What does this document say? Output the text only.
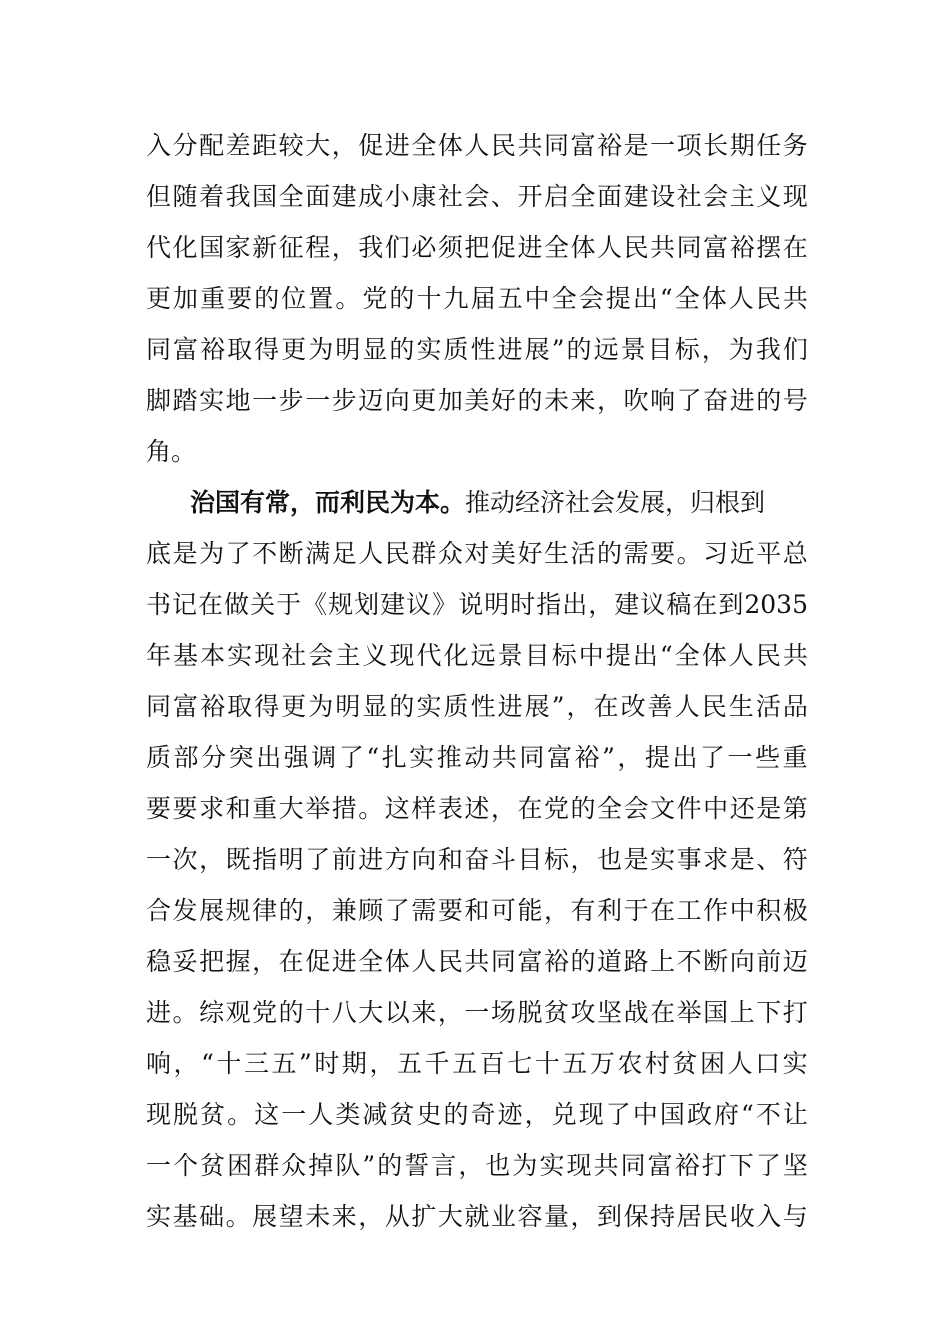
入 分 配 差 距 较 大 ， 促 进 全 体 人 民 共 同 富 裕 是 一 项 长 期 任 务
但 随 着 我 国 全 面 建 成 小 康 社 会 、 开 启 全 面 建 设 社 会 主 义 现
代 化 国 家 新 征 程 ， 我 们 必 须 把 促 进 全 体 人 民 共 同 富 裕 摆 在
更 加 重 要 的 位 置 。 党 的 十 九 届 五 中 全 会 提 出 “ 全 体 人 民 共
同 富 裕 取 得 更 为 明 显 的 实 质 性 进 展 ” 的 远 景 目 标 ， 为 我 们
脚 踏 实 地 一 步 一 步 迈 向 更 加 美 好 的 未 来 ， 吹 响 了 奋 进 的 号
角。
治国有常，而利民为本。推动经济社会发展，归根到
底 是 为 了 不 断 满 足 人 民 群 众 对 美 好 生 活 的 需 要 。 习 近 平 总
书 记 在 做 关 于 《 规 划 建 议 》 说 明 时 指 出 ， 建 议 稿 在 到 2035
年 基 本 实 现 社 会 主 义 现 代 化 远 景 目 标 中 提 出 “ 全 体 人 民 共
同 富 裕 取 得 更 为 明 显 的 实 质 性 进 展 ” ， 在 改 善 人 民 生 活 品
质 部 分 突 出 强 调 了 “ 扎 实 推 动 共 同 富 裕 ” ， 提 出 了 一 些 重
要 要 求 和 重 大 举 措 。 这 样 表 述 ， 在 党 的 全 会 文 件 中 还 是 第
一 次 ， 既 指 明 了 前 进 方 向 和 奋 斗 目 标 ， 也 是 实 事 求 是 、 符
合 发 展 规 律 的 ， 兼 顾 了 需 要 和 可 能 ， 有 利 于 在 工 作 中 积 极
稳 妥 把 握 ， 在 促 进 全 体 人 民 共 同 富 裕 的 道 路 上 不 断 向 前 迈
进 。 综 观 党 的 十 八 大 以 来 ， 一 场 脱 贫 攻 坚 战 在 举 国 上 下 打
响 ， “ 十 三 五 ” 时 期 ， 五 千 五 百 七 十 五 万 农 村 贫 困 人 口 实
现 脱 贫 。 这 一 人 类 减 贫 史 的 奇 迹 ， 兑 现 了 中 国 政 府 “ 不 让
一 个 贫 困 群 众 掉 队 ” 的 誓 言 ， 也 为 实 现 共 同 富 裕 打 下 了 坚
实 基 础 。 展 望 未 来 ， 从 扩 大 就 业 容 量 ， 到 保 持 居 民 收 入 与
